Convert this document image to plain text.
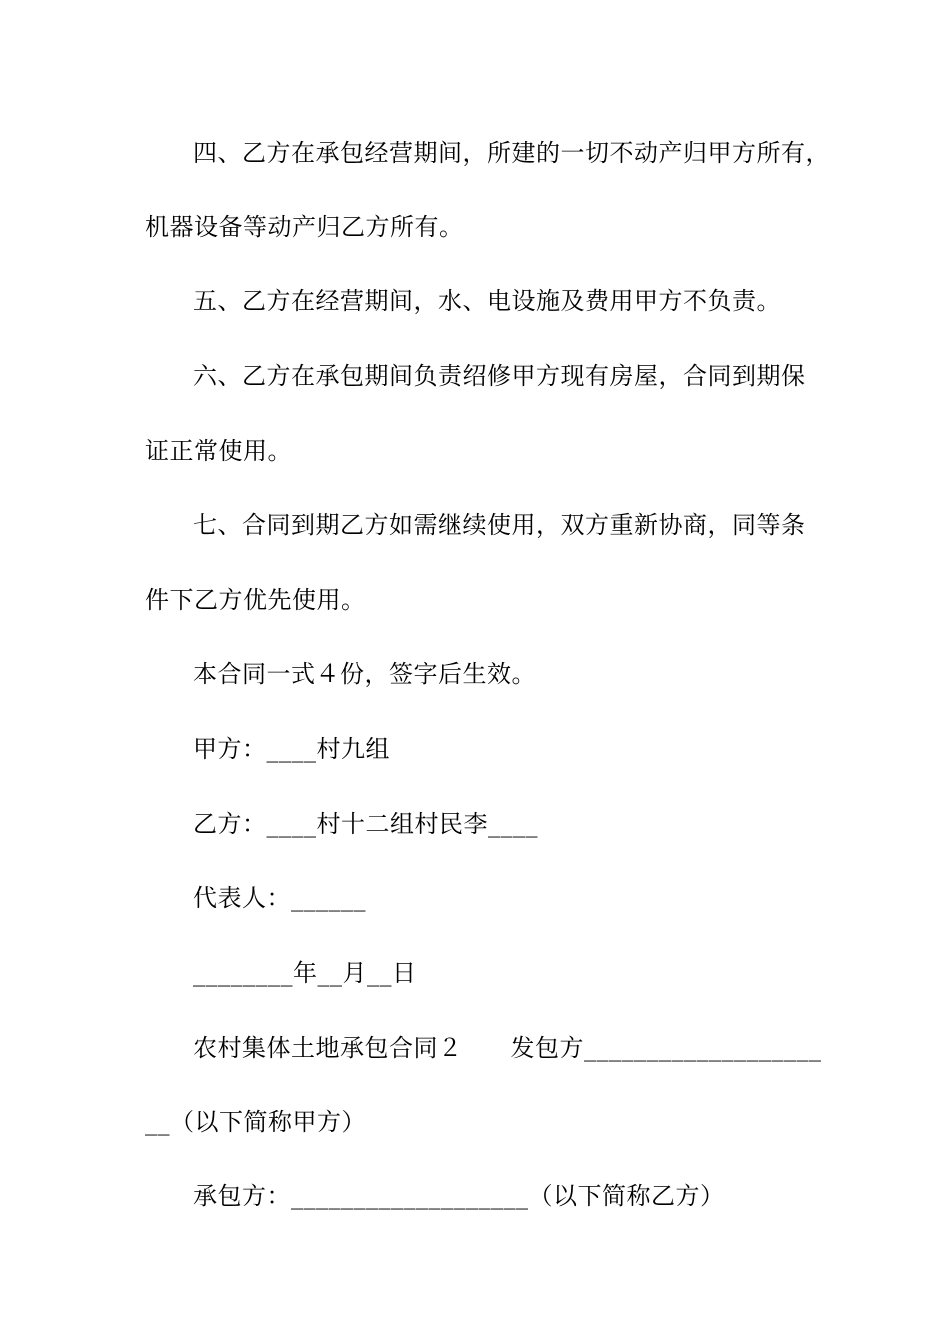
四、乙方在承包经营期间，所建的一切不动产归甲方所有，
机器设备等动产归乙方所有。
五、乙方在经营期间，水、电设施及费用甲方不负责。
六、乙方在承包期间负责绍修甲方现有房屋，合同到期保
证正常使用。
七、合同到期乙方如需继续使用，双方重新协商，同等条
件下乙方优先使用。
本合同一式４份，签字后生效。
甲方：____村九组
乙方：____村十二组村民李____
代表人：______
________年__月__日
农村集体土地承包合同２ 发包方___________________
__（以下简称甲方）
承包方：___________________（以下简称乙方）
